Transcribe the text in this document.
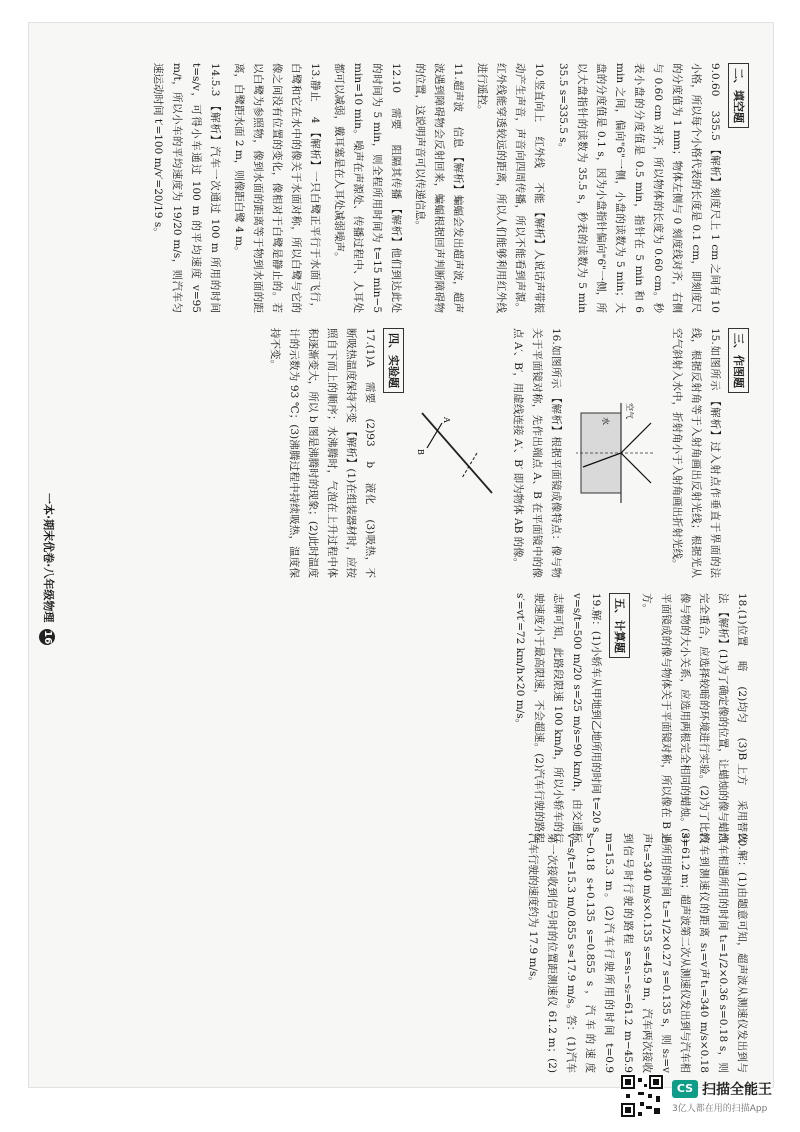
二、填空题
9.0.60 　335.5 【解析】刻度尺上 1 cm 之间有 10 小格，所以每个小格代表的长度是 0.1 cm，即刻度尺的分度值为 1 mm；物体左侧与 0 刻度线对齐，右侧与 0.60 cm 对齐，所以物体的长度为 0.60 cm。秒表小盘的分度值是 0.5 min，指针在 5 min 和 6 min 之间，偏向"6"一侧，小盘的读数为 5 min；大盘的分度值是 0.1 s，因为小盘指针偏向"6"一侧，所以大盘指针的读数为 35.5 s，秒表的读数为 5 min 35.5 s=335.5 s。
10.竖直向上 　红外线 　不能 【解析】人说话声带振动产生声音，声音向四周传播，所以不能看到声源。红外线能穿透较远的距离，所以人们能够利用红外线进行遥控。
11.超声波 　信息 【解析】蝙蝠会发出超声波，超声波遇到障碍物会反射回来，蝙蝠根据回声判断障碍物的位置，这说明声音可以传递信息。
12.10 　需要 　阻隔其传播 【解析】他们到达此处的时间为 5 min，则全程所用时间为 t=15 min−5 min=10 min。噪声在声源处、传播过程中、人耳处都可以减弱，戴耳塞是在人耳处减弱噪声。
13.静止 　4 【解析】一只白鹭正平行于水面飞行，白鹭和它在水中的像关于水面对称，所以白鹭与它的像之间没有位置的变化，像相对于白鹭是静止的。若以白鹭为参照物，像到水面的距离等于物到水面的距离，白鹭距水面 2 m，则像距白鹭 4 m。
14.5.3 【解析】汽车一次通过 100 m 所用的时间 t=s/v，可得小车通过 100 m 的平均速度 v=95 m/t，所以小车的平均速度为 19/20 m/s，则汽车匀速运动时间 t′=100 m/v′=20/19 s。
三、作图题
15.如图所示 【解析】过入射点作垂直于界面的法线，根据反射角等于入射角画出反射光线；根据光从空气斜射入水中，折射角小于入射角画出折射光线。
空气
水
16.如图所示 【解析】根据平面镜成像特点：像与物关于平面镜对称，先作出端点 A、B 在平面镜中的像点 A′、B′，用虚线连接 A′、B′ 即为物体 AB 的像。
A
B
四、实验题
17.(1)A 　需要 　(2)93 　b 　液化 　(3)吸热，不断吸热温度保持不变 【解析】(1)在组装器材时，应按照自下而上的顺序；水沸腾时，气泡在上升过程中体积逐渐变大，所以 b 图是沸腾时的现象；(2)此时温度计的示数为 93 ℃；(3)沸腾过程中持续吸热，温度保持不变。
18.(1)位置 　暗 　(2)均匀 　(3)B 上方 　采用替代法 【解析】(1)为了确定像的位置，让蜡烛的像与蜡烛完全重合，应选择较暗的环境进行实验。(2)为了比较像与物的大小关系，应选用两根完全相同的蜡烛。(3)平面镜成的像与物体关于平面镜对称，所以像在 B 上方。
五、计算题
19.解：(1)小轿车从甲地到乙地所用的时间 t=20 s，v=s/t=500 m/20 s=25 m/s=90 km/h，由交通标志牌可知，此路段限速 100 km/h，所以小轿车的行驶速度小于最高限速，不会超速。(2)汽车行驶的路程 s′=vt′=72 km/h×20 m/s。
20.解：(1)由题意可知，超声波从测速仪发出到与汽车相遇所用的时间 t₁=1/2×0.36 s=0.18 s，则汽车到测速仪的距离 s₁=v声t₁=340 m/s×0.18 s=61.2 m；超声波第二次从测速仪发出到与汽车相遇所用的时间 t₂=1/2×0.27 s=0.135 s，则 s₂=v声t₂=340 m/s×0.135 s=45.9 m，汽车两次接收到信号时行驶的路程 s=s₁−s₂=61.2 m−45.9 m=15.3 m。(2)汽车行驶所用的时间 t=0.9 s−0.18 s+0.135 s=0.855 s，汽车的速度 v=s/t=15.3 m/0.855 s≈17.9 m/s。答：(1)汽车第一次接收到信号时的位置距测速仪 61.2 m；(2)汽车行驶的速度约为 17.9 m/s。
一本·期末优卷·八年级物理 16
CS 扫描全能王
3亿人都在用的扫描App
